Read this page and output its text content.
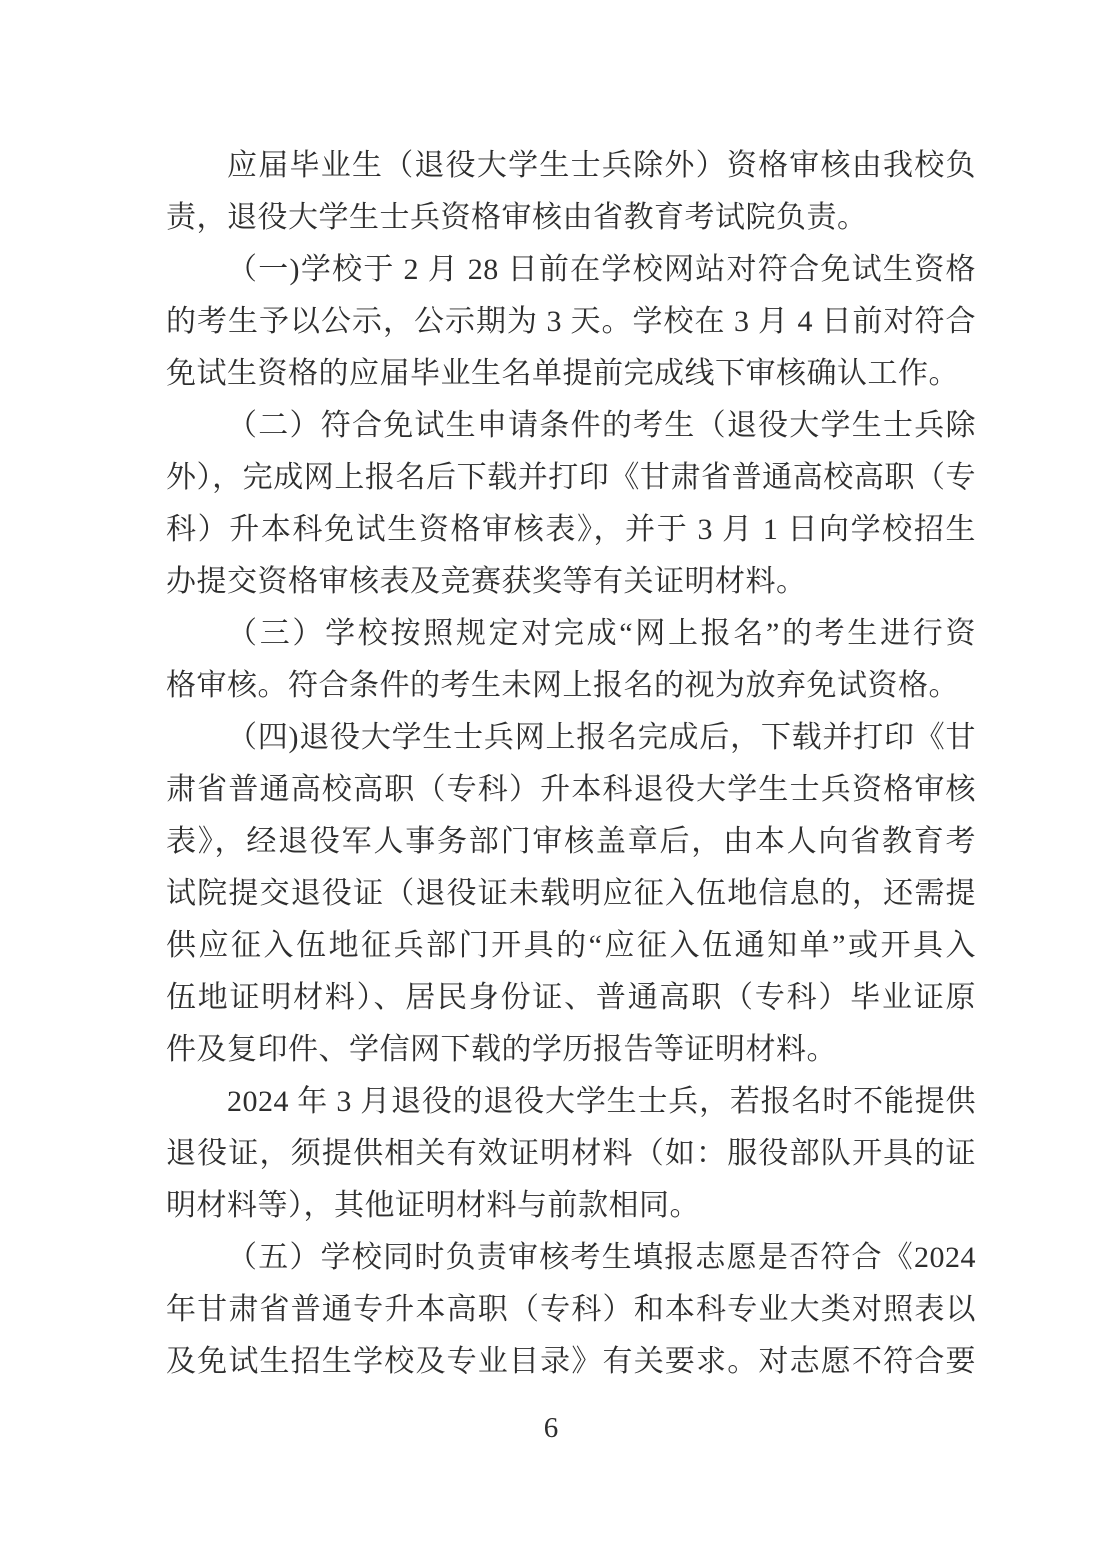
应届毕业生（退役大学生士兵除外）资格审核由我校负
责，退役大学生士兵资格审核由省教育考试院负责。
（一)学校于 2 月 28 日前在学校网站对符合免试生资格
的考生予以公示，公示期为 3 天。学校在 3 月 4 日前对符合
免试生资格的应届毕业生名单提前完成线下审核确认工作。
（二）符合免试生申请条件的考生（退役大学生士兵除
外），完成网上报名后下载并打印《甘肃省普通高校高职（专
科）升本科免试生资格审核表》，并于 3 月 1 日向学校招生
办提交资格审核表及竞赛获奖等有关证明材料。
（三）学校按照规定对完成“网上报名”的考生进行资
格审核。符合条件的考生未网上报名的视为放弃免试资格。
（四)退役大学生士兵网上报名完成后，下载并打印《甘
肃省普通高校高职（专科）升本科退役大学生士兵资格审核
表》，经退役军人事务部门审核盖章后，由本人向省教育考
试院提交退役证（退役证未载明应征入伍地信息的，还需提
供应征入伍地征兵部门开具的“应征入伍通知单”或开具入
伍地证明材料）、居民身份证、普通高职（专科）毕业证原
件及复印件、学信网下载的学历报告等证明材料。
2024 年 3 月退役的退役大学生士兵，若报名时不能提供
退役证，须提供相关有效证明材料（如：服役部队开具的证
明材料等），其他证明材料与前款相同。
（五）学校同时负责审核考生填报志愿是否符合《2024
年甘肃省普通专升本高职（专科）和本科专业大类对照表以
及免试生招生学校及专业目录》有关要求。对志愿不符合要
6
